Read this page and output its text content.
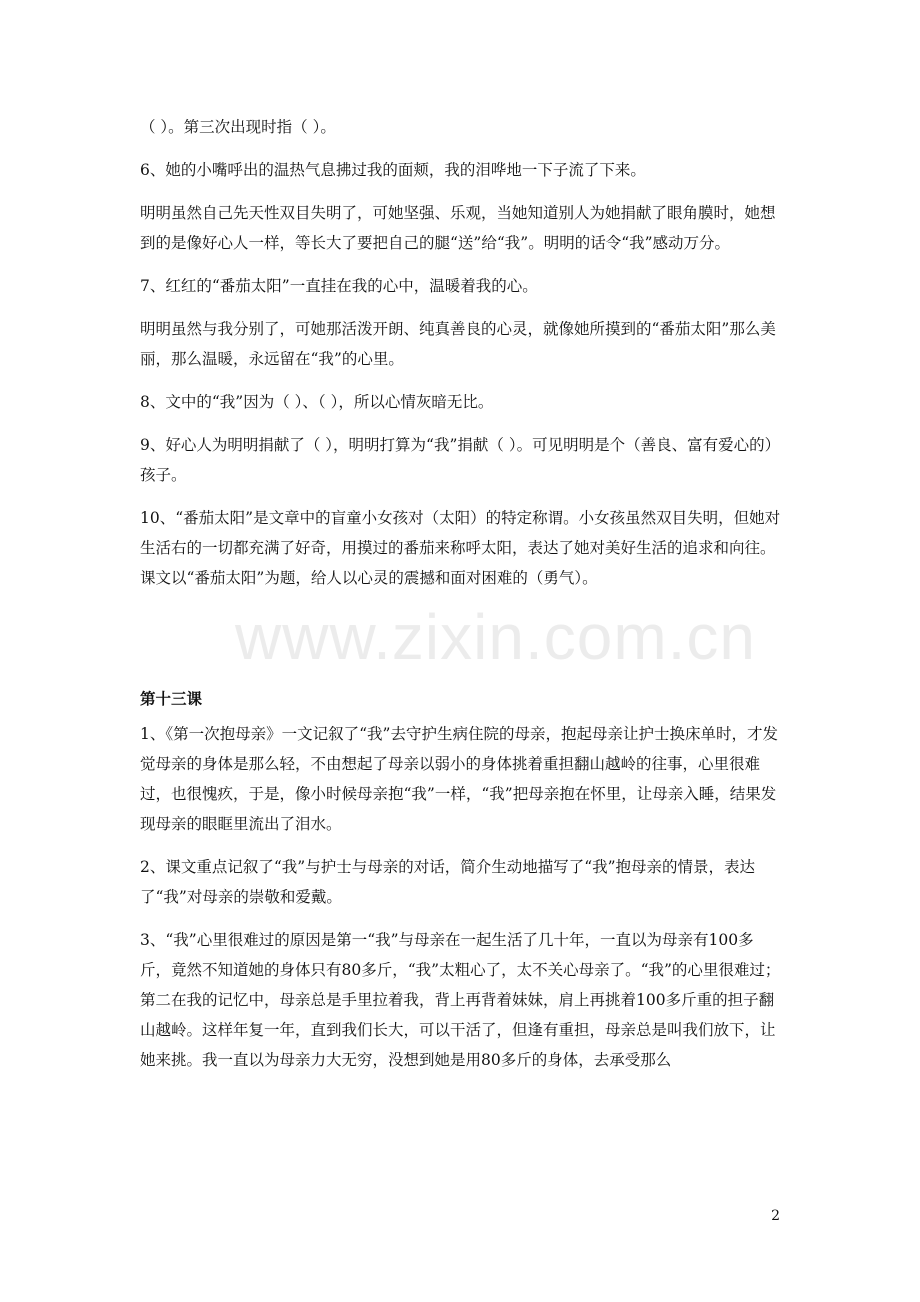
www.zixin.com.cn

（ ）。第三次出现时指（ ）。

6、她的小嘴呼出的温热气息拂过我的面颊，我的泪哗地一下子流了下来。

明明虽然自己先天性双目失明了，可她坚强、乐观，当她知道别人为她捐献了眼角膜时，她想到的是像好心人一样，等长大了要把自己的腿“送”给“我”。明明的话令“我”感动万分。

7、红红的“番茄太阳”一直挂在我的心中，温暖着我的心。

明明虽然与我分别了，可她那活泼开朗、纯真善良的心灵，就像她所摸到的“番茄太阳”那么美丽，那么温暖，永远留在“我”的心里。

8、文中的“我”因为（ ）、（ ），所以心情灰暗无比。

9、好心人为明明捐献了（ ），明明打算为“我”捐献（ ）。可见明明是个（善良、富有爱心的）孩子。

10、“番茄太阳”是文章中的盲童小女孩对（太阳）的特定称谓。小女孩虽然双目失明，但她对生活右的一切都充满了好奇，用摸过的番茄来称呼太阳，表达了她对美好生活的追求和向往。课文以“番茄太阳”为题，给人以心灵的震撼和面对困难的（勇气）。

第十三课

1、《第一次抱母亲》一文记叙了“我”去守护生病住院的母亲，抱起母亲让护士换床单时，才发觉母亲的身体是那么轻，不由想起了母亲以弱小的身体挑着重担翻山越岭的往事，心里很难过，也很愧疚，于是，像小时候母亲抱“我”一样，“我”把母亲抱在怀里，让母亲入睡，结果发现母亲的眼眶里流出了泪水。

2、课文重点记叙了“我”与护士与母亲的对话，简介生动地描写了“我”抱母亲的情景，表达了“我”对母亲的崇敬和爱戴。

3、“我”心里很难过的原因是第一“我”与母亲在一起生活了几十年，一直以为母亲有100多斤，竟然不知道她的身体只有80多斤，“我”太粗心了，太不关心母亲了。“我”的心里很难过；第二在我的记忆中，母亲总是手里拉着我，背上再背着妹妹，肩上再挑着100多斤重的担子翻山越岭。这样年复一年，直到我们长大，可以干活了，但逢有重担，母亲总是叫我们放下，让她来挑。我一直以为母亲力大无穷，没想到她是用80多斤的身体，去承受那么

2
